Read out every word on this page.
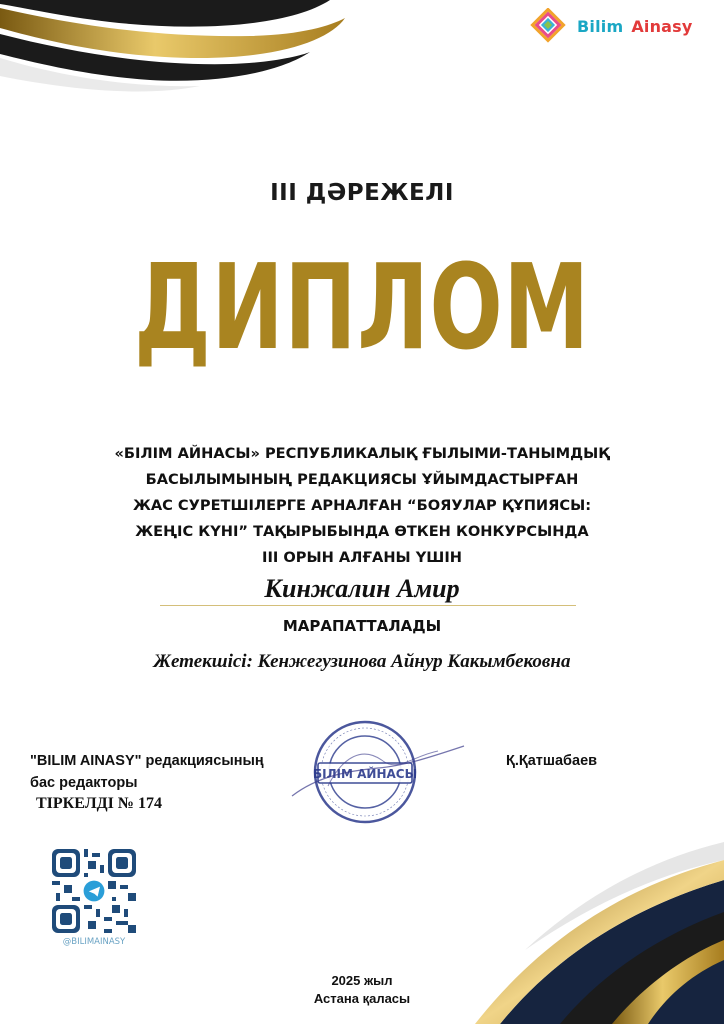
Bilim Ainasy
III ДӘРЕЖЕЛІ
ДИПЛОМ
«БІЛІМ АЙНАСЫ» РЕСПУБЛИКАЛЫҚ ҒЫЛЫМИ-ТАНЫМДЫҚ
БАСЫЛЫМЫНЫҢ РЕДАКЦИЯСЫ ҰЙЫМДАСТЫРҒАН
ЖАС СУРЕТШІЛЕРГЕ АРНАЛҒАН “БОЯУЛАР ҚҰПИЯСЫ:
ЖЕҢІС КҮНІ” ТАҚЫРЫБЫНДА ӨТКЕН КОНКУРСЫНДА
III ОРЫН АЛҒАНЫ ҮШІН
Кинжалин Амир
МАРАПАТТАЛАДЫ
Жетекшісі: Кенжегузинова Айнур Какымбековна
"BILIM AINASY" редакциясының
бас редакторы
ТІРКЕЛДІ № 174
Қ.Қатшабаев
БІЛІМ АЙНАСЫ
@BILIMAINASY
2025 жыл
Астана қаласы
